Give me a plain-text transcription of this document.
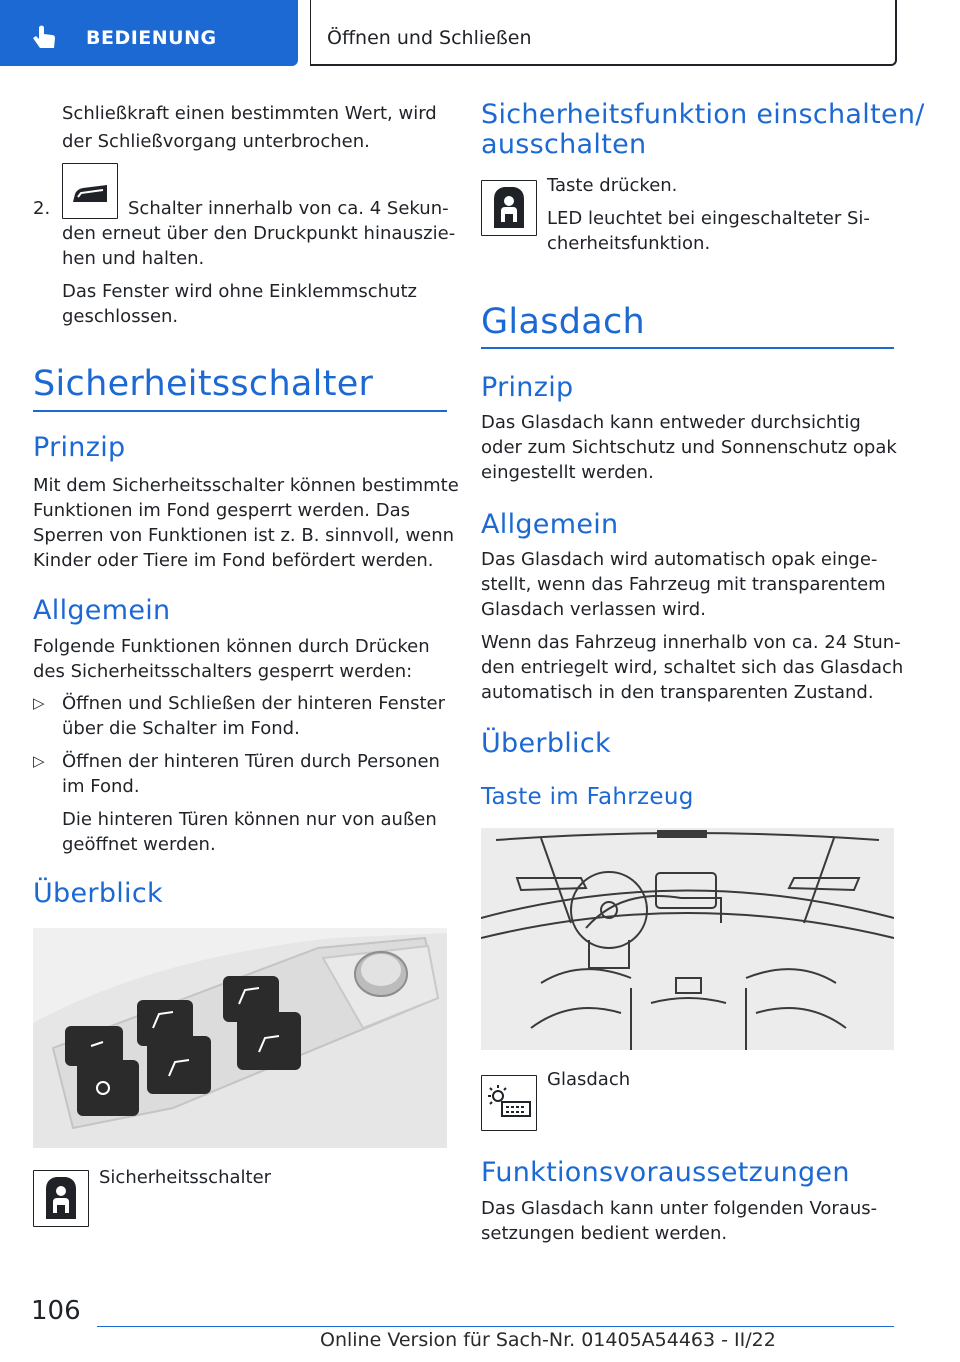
BEDIENUNG	Öffnen und Schließen

Schließkraft einen bestimmten Wert, wird

der Schließvorgang unterbrochen.

2.	Schalter innerhalb von ca. 4 Sekun-

den erneut über den Druckpunkt hinauszie-

hen und halten.

Das Fenster wird ohne Einklemmschutz

geschlossen.

Sicherheitsschalter
Prinzip

Mit dem Sicherheitsschalter können bestimmte

Funktionen im Fond gesperrt werden. Das

Sperren von Funktionen ist z. B. sinnvoll, wenn

Kinder oder Tiere im Fond befördert werden.

Allgemein

Folgende Funktionen können durch Drücken

des Sicherheitsschalters gesperrt werden:

▷ Öffnen und Schließen der hinteren Fenster

über die Schalter im Fond.

▷ Öffnen der hinteren Türen durch Personen

im Fond.

Die hinteren Türen können nur von außen

geöffnet werden.

Überblick

Sicherheitsschalter

Sicherheitsfunktion einschalten/
ausschalten

Taste drücken.

LED leuchtet bei eingeschalteter Si-

cherheitsfunktion.

Glasdach
Prinzip

Das Glasdach kann entweder durchsichtig

oder zum Sichtschutz und Sonnenschutz opak

eingestellt werden.

Allgemein

Das Glasdach wird automatisch opak einge-

stellt, wenn das Fahrzeug mit transparentem

Glasdach verlassen wird.

Wenn das Fahrzeug innerhalb von ca. 24 Stun-

den entriegelt wird, schaltet sich das Glasdach

automatisch in den transparenten Zustand.

Überblick
Taste im Fahrzeug

Glasdach

Funktionsvoraussetzungen

Das Glasdach kann unter folgenden Voraus-

setzungen bedient werden.

106
Online Version für Sach-Nr. 01405A54463 - II/22
